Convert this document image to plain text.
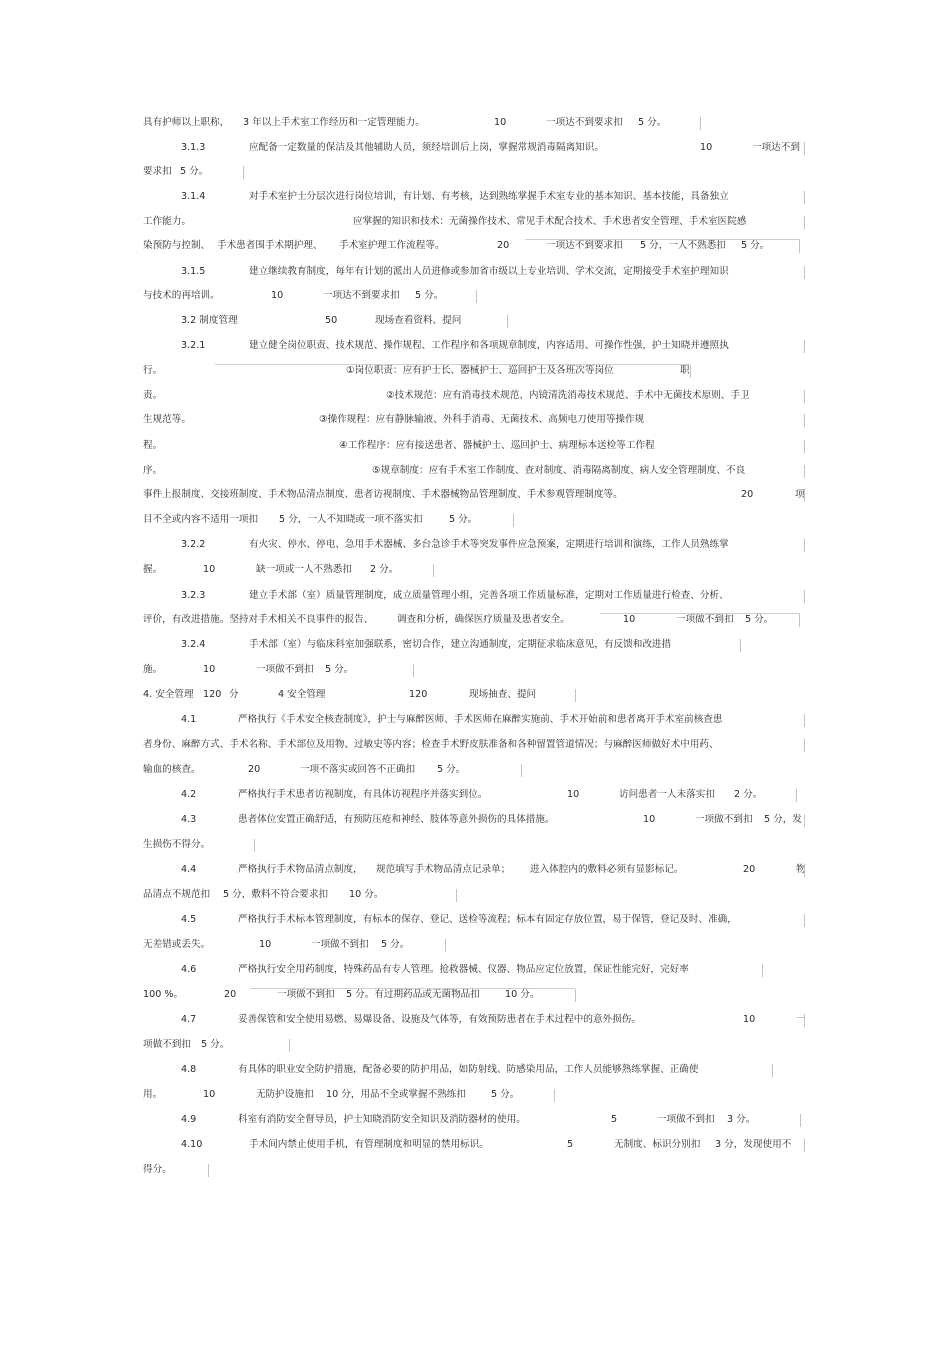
具有护师以上职称， 3 年以上手术室工作经历和一定管理能力。	10	一项达不到要求扣 5 分。
3.1.3	应配备一定数量的保洁及其他辅助人员，须经培训后上岗，掌握常规消毒隔离知识。	10	一项达不到
要求扣 5 分。
3.1.4	对手术室护士分层次进行岗位培训，有计划、有考核，达到熟练掌握手术室专业的基本知识、基本技能，具备独立
工作能力。	应掌握的知识和技术：无菌操作技术、常见手术配合技术、手术患者安全管理、手术室医院感
染预防与控制、 手术患者围手术期护理、 手术室护理工作流程等。	20	一项达不到要求扣 5 分，一人不熟悉扣 5 分。
3.1.5	建立继续教育制度，每年有计划的派出人员进修或参加省市级以上专业培训、学术交流，定期接受手术室护理知识
与技术的再培训。	10	一项达不到要求扣 5 分。
3.2 制度管理	50	现场查看资料、提问
3.2.1	建立健全岗位职责、技术规范、操作规程、工作程序和各项规章制度，内容适用、可操作性强，护士知晓并遵照执
行。	①岗位职责：应有护士长、器械护士、巡回护士及各班次等岗位	职
责。	②技术规范：应有消毒技术规范、内镜清洗消毒技术规范、手术中无菌技术原则、手卫
生规范等。	③操作规程：应有静脉输液、外科手消毒、无菌技术、高频电刀使用等操作规
程。	④工作程序：应有接送患者、器械护士、巡回护士、病理标本送检等工作程
序。	⑤规章制度：应有手术室工作制度、查对制度、消毒隔离制度、病人安全管理制度、不良
事件上报制度、交接班制度、手术物品清点制度、患者访视制度、手术器械物品管理制度、手术参观管理制度等。	20	项
目不全或内容不适用一项扣 5 分，一人不知晓或一项不落实扣	5 分。
3.2.2	有火灾、停水、停电、急用手术器械、多台急诊手术等突发事件应急预案，定期进行培训和演练，工作人员熟练掌
握。	10	缺一项或一人不熟悉扣 2 分。
3.2.3	建立手术部（室）质量管理制度，成立质量管理小组，完善各项工作质量标准，定期对工作质量进行检查、分析、
评价，有改进措施。坚持对手术相关不良事件的报告、 调查和分析，确保医疗质量及患者安全。	10	一项做不到扣 5 分。
3.2.4	手术部（室）与临床科室加强联系，密切合作，建立沟通制度，定期征求临床意见，有反馈和改进措
施。	10	一项做不到扣 5 分。
4. 安全管理 120 分	4 安全管理	120	现场抽查、提问
4.1	严格执行《手术安全核查制度》，护士与麻醉医师、手术医师在麻醉实施前、手术开始前和患者离开手术室前核查患
者身份、麻醉方式、手术名称、手术部位及用物、过敏史等内容；检查手术野皮肤准备和各种留置管道情况；与麻醉医师做好术中用药、
输血的核查。	20	一项不落实或回答不正确扣 5 分。
4.2	严格执行手术患者访视制度，有具体访视程序并落实到位。	10	访问患者一人未落实扣 2 分。
4.3	患者体位安置正确舒适，有预防压疮和神经、肢体等意外损伤的具体措施。	10	一项做不到扣 5 分，发
生损伤不得分。
4.4	严格执行手术物品清点制度， 规范填写手术物品清点记录单； 进入体腔内的敷料必须有显影标记。	20	物
品清点不规范扣 5 分，敷料不符合要求扣 10 分。
4.5	严格执行手术标本管理制度，有标本的保存、登记、送检等流程；标本有固定存放位置，易于保管，登记及时、准确，
无差错或丢失。	10	一项做不到扣 5 分。
4.6	严格执行安全用药制度，特殊药品有专人管理。抢救器械、仪器、物品应定位放置，保证性能完好，完好率
100 %。	20	一项做不到扣 5 分。有过期药品或无菌物品扣	10 分。
4.7	妥善保管和安全使用易燃、易爆设备、设施及气体等，有效预防患者在手术过程中的意外损伤。	10	一
项做不到扣 5 分。
4.8	有具体的职业安全防护措施，配备必要的防护用品，如防射线、防感染用品，工作人员能够熟练掌握、正确使
用。	10	无防护设施扣 10 分，用品不全或掌握不熟练扣	5 分。
4.9	科室有消防安全督导员，护士知晓消防安全知识及消防器材的使用。	5	一项做不到扣 3 分。
4.10	手术间内禁止使用手机，有管理制度和明显的禁用标识。	5	无制度、标识分别扣 3 分，发现使用不
得分。
